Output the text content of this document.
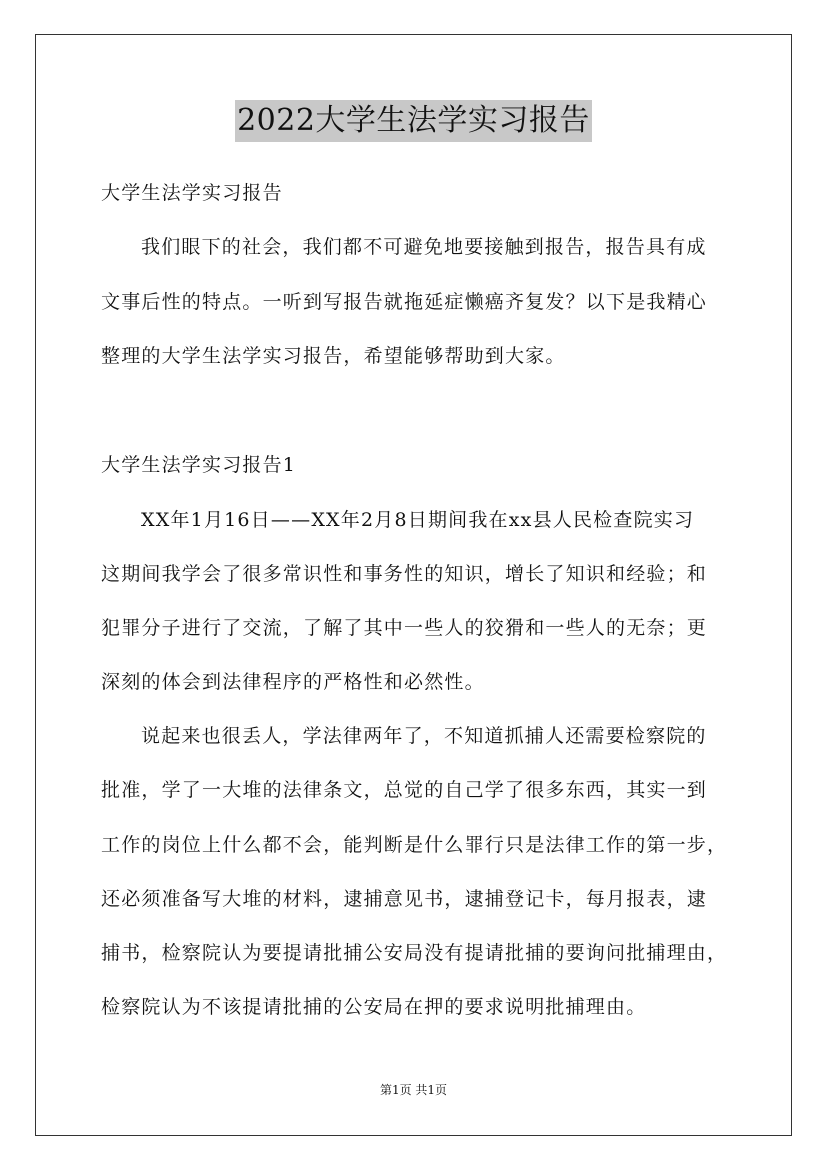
2022大学生法学实习报告
大学生法学实习报告
我们眼下的社会，我们都不可避免地要接触到报告，报告具有成
文事后性的特点。一听到写报告就拖延症懒癌齐复发？以下是我精心
整理的大学生法学实习报告，希望能够帮助到大家。
大学生法学实习报告1
XX年1月16日——XX年2月8日期间我在xx县人民检查院实习
这期间我学会了很多常识性和事务性的知识，增长了知识和经验；和
犯罪分子进行了交流，了解了其中一些人的狡猾和一些人的无奈；更
深刻的体会到法律程序的严格性和必然性。
说起来也很丢人，学法律两年了，不知道抓捕人还需要检察院的
批准，学了一大堆的法律条文，总觉的自己学了很多东西，其实一到
工作的岗位上什么都不会，能判断是什么罪行只是法律工作的第一步，
还必须准备写大堆的材料，逮捕意见书，逮捕登记卡，每月报表，逮
捕书，检察院认为要提请批捕公安局没有提请批捕的要询问批捕理由，
检察院认为不该提请批捕的公安局在押的要求说明批捕理由。
第1页 共1页
